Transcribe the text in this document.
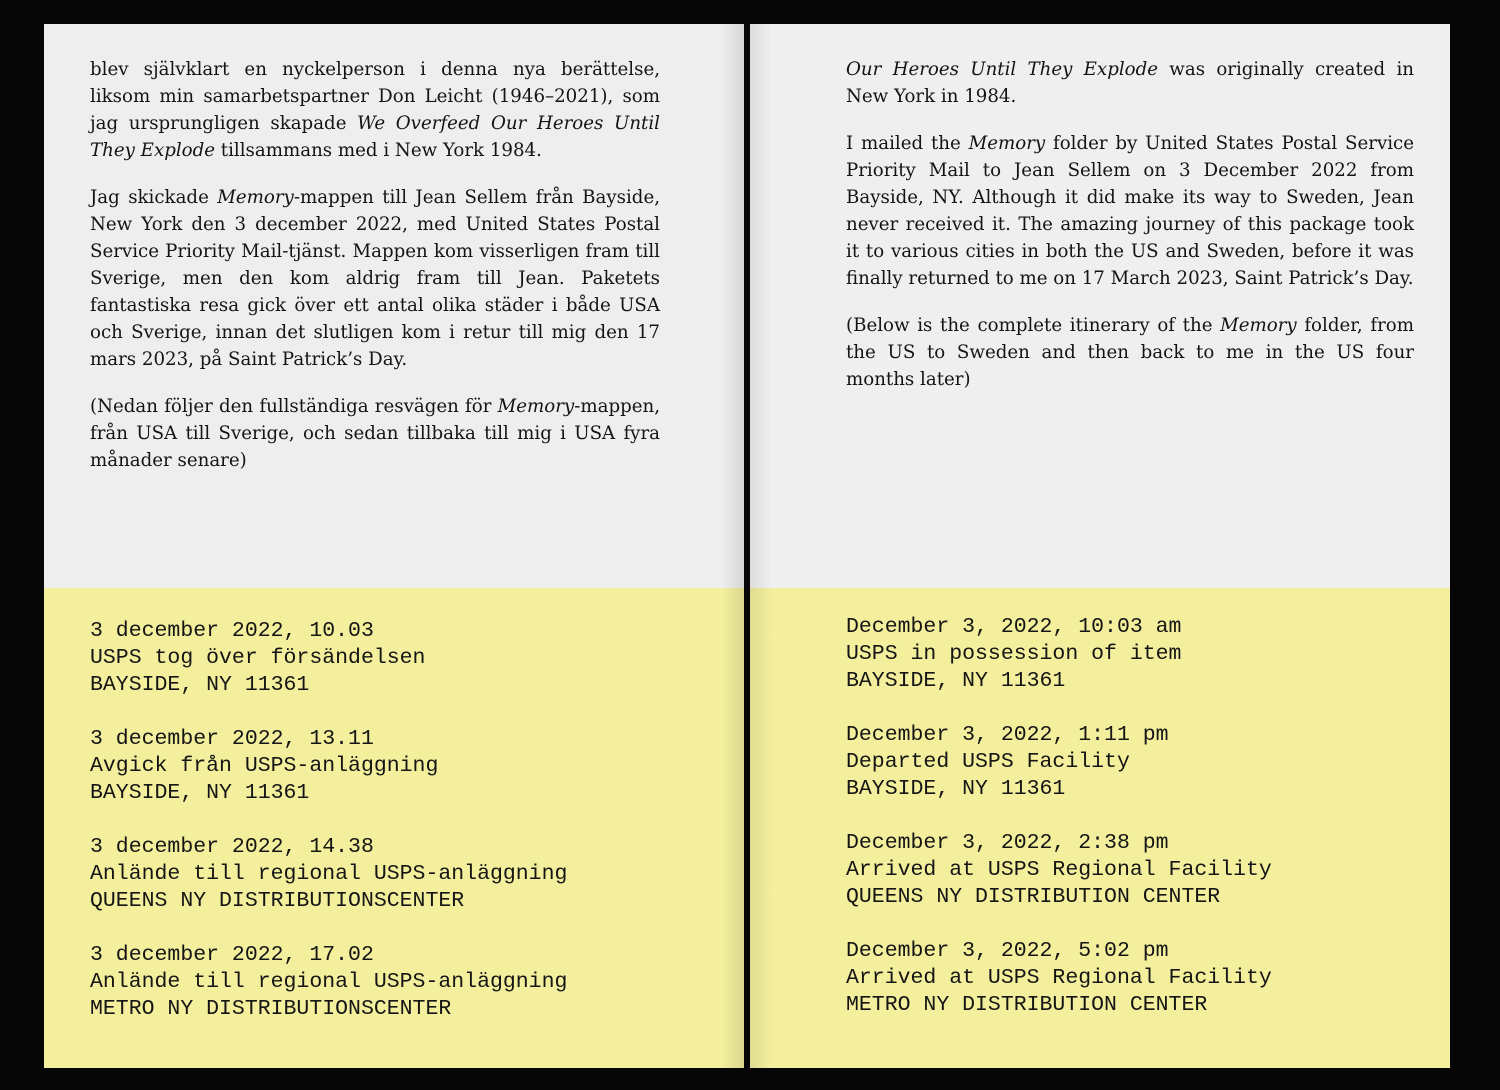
blev självklart en nyckelperson i denna nya berättelse, liksom min samarbetspartner Don Leicht (1946–2021), som jag ursprungligen skapade We Overfeed Our Heroes Until They Explode tillsammans med i New York 1984.

Jag skickade Memory-mappen till Jean Sellem från Bayside, New York den 3 december 2022, med United States Postal Service Priority Mail-tjänst. Mappen kom visserligen fram till Sverige, men den kom aldrig fram till Jean. Paketets fantastiska resa gick över ett antal olika städer i både USA och Sverige, innan det slutligen kom i retur till mig den 17 mars 2023, på Saint Patrick’s Day.

(Nedan följer den fullständiga resvägen för Memory-mappen, från USA till Sverige, och sedan tillbaka till mig i USA fyra månader senare)

3 december 2022, 10.03
USPS tog över försändelsen
BAYSIDE, NY 11361
3 december 2022, 13.11
Avgick från USPS-anläggning
BAYSIDE, NY 11361
3 december 2022, 14.38
Anlände till regional USPS-anläggning
QUEENS NY DISTRIBUTIONSCENTER
3 december 2022, 17.02
Anlände till regional USPS-anläggning
METRO NY DISTRIBUTIONSCENTER

Our Heroes Until They Explode was originally created in New York in 1984.

I mailed the Memory folder by United States Postal Service Priority Mail to Jean Sellem on 3 December 2022 from Bayside, NY. Although it did make its way to Sweden, Jean never received it. The amazing journey of this package took it to various cities in both the US and Sweden, before it was finally returned to me on 17 March 2023, Saint Patrick’s Day.

(Below is the complete itinerary of the Memory folder, from the US to Sweden and then back to me in the US four months later)

December 3, 2022, 10:03 am
USPS in possession of item
BAYSIDE, NY 11361
December 3, 2022, 1:11 pm
Departed USPS Facility
BAYSIDE, NY 11361
December 3, 2022, 2:38 pm
Arrived at USPS Regional Facility
QUEENS NY DISTRIBUTION CENTER
December 3, 2022, 5:02 pm
Arrived at USPS Regional Facility
METRO NY DISTRIBUTION CENTER
